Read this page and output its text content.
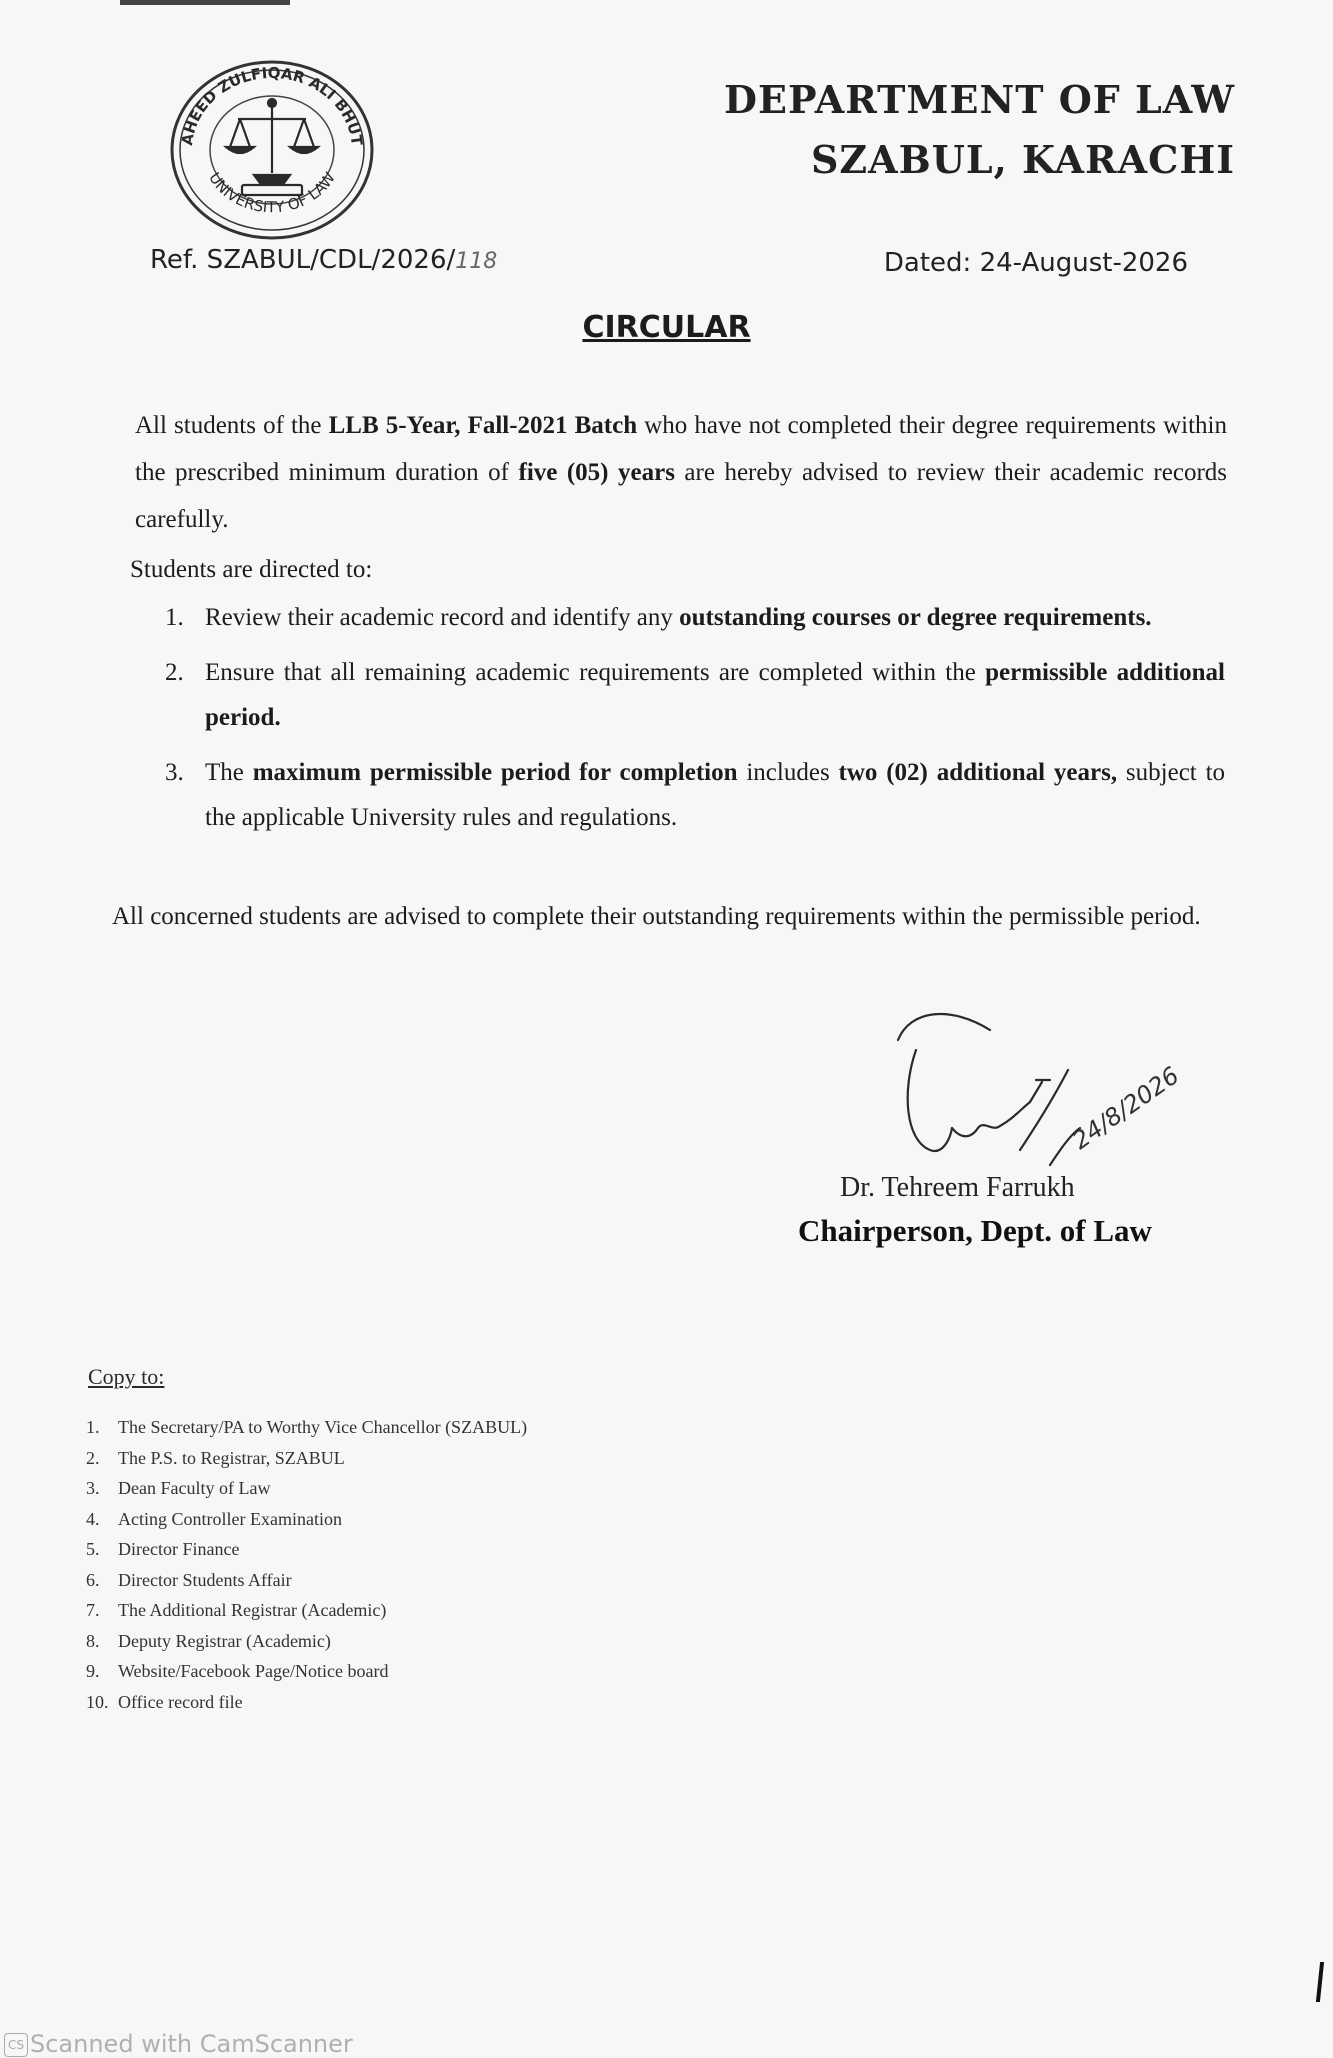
AHEED ZULFIQAR ALI BHUT
UNIVERSITY OF LAW
DEPARTMENT OF LAW
SZABUL, KARACHI
Ref. SZABUL/CDL/2026/118	Dated: 24-August-2026
CIRCULAR
All students of the LLB 5-Year, Fall-2021 Batch who have not completed their degree requirements within the prescribed minimum duration of five (05) years are hereby advised to review their academic records carefully.
Students are directed to:
1. Review their academic record and identify any outstanding courses or degree requirements.
2. Ensure that all remaining academic requirements are completed within the permissible additional period.
3. The maximum permissible period for completion includes two (02) additional years, subject to the applicable University rules and regulations.
All concerned students are advised to complete their outstanding requirements within the permissible period.
24/8/2026
Dr. Tehreem Farrukh
Chairperson, Dept. of Law
Copy to:
1. The Secretary/PA to Worthy Vice Chancellor (SZABUL)
2. The P.S. to Registrar, SZABUL
3. Dean Faculty of Law
4. Acting Controller Examination
5. Director Finance
6. Director Students Affair
7. The Additional Registrar (Academic)
8. Deputy Registrar (Academic)
9. Website/Facebook Page/Notice board
10. Office record file
CS Scanned with CamScanner
